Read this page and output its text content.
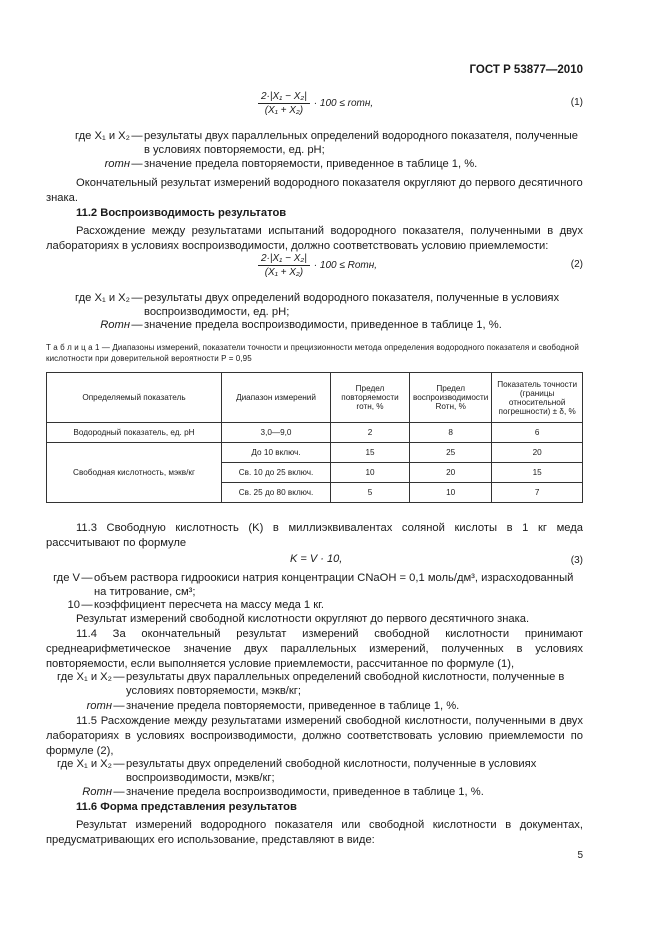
ГОСТ Р 53877—2010
$\frac{\text{2·|X₁ − X₂|}}{\text{(X₁ + X₂)}} \cdot 100$ ≤ rотн,	(1)
где X₁ и X₂ — результаты двух параллельных определений водородного показателя, полученные в условиях повторяемости, ед. pH;
rотн — значение предела повторяемости, приведенное в таблице 1, %.

Окончательный результат измерений водородного показателя округляют до первого десятичного знака.

11.2 Воспроизводимость результатов

Расхождение между результатами испытаний водородного показателя, полученными в двух лабораториях в условиях воспроизводимости, должно соответствовать условию приемлемости:

$\frac{\text{2·|X₁ − X₂|}}{\text{(X₁ + X₂)}} \cdot 100$ ≤ Rотн,	(2)
где X₁ и X₂ — результаты двух определений водородного показателя, полученные в условиях воспроизводимости, ед. pH;
Rотн — значение предела воспроизводимости, приведенное в таблице 1, %.
Т а б л и ц а 1 — Диапазоны измерений, показатели точности и прецизионности метода определения водородного показателя и свободной кислотности при доверительной вероятности P = 0,95
Определяемый показатель	Диапазон измерений	Предел повторяемости rотн, %	Предел воспроизводимости Rотн, %	Показатель точности (границы относительной погрешности) ± δ, %
Водородный показатель, ед. pH	3,0—9,0	2	8	6
Свободная кислотность, мэкв/кг	До 10 включ.	15	25	20
	Св. 10 до 25 включ.	10	20	15
	Св. 25 до 80 включ.	5	10	7

11.3 Свободную кислотность (K) в миллиэквивалентах соляной кислоты в 1 кг меда рассчитывают по формуле

K = V · 10,	(3)
где V — объем раствора гидроокиси натрия концентрации CNaOH = 0,1 моль/дм³, израсходованный на титрование, см³;
10 — коэффициент пересчета на массу меда 1 кг.

Результат измерений свободной кислотности округляют до первого десятичного знака.

11.4 За окончательный результат измерений свободной кислотности принимают среднеарифметическое значение двух параллельных измерений, полученных в условиях повторяемости, если выполняется условие приемлемости, рассчитанное по формуле (1),

где X₁ и X₂ — результаты двух параллельных определений свободной кислотности, полученные в условиях повторяемости, мэкв/кг;
rотн — значение предела повторяемости, приведенное в таблице 1, %.

11.5 Расхождение между результатами измерений свободной кислотности, полученными в двух лабораториях в условиях воспроизводимости, должно соответствовать условию приемлемости по формуле (2),

где X₁ и X₂ — результаты двух определений свободной кислотности, полученные в условиях воспроизводимости, мэкв/кг;
Rотн — значение предела воспроизводимости, приведенное в таблице 1, %.
11.6 Форма представления результатов

Результат измерений водородного показателя или свободной кислотности в документах, предусматривающих его использование, представляют в виде:

5
